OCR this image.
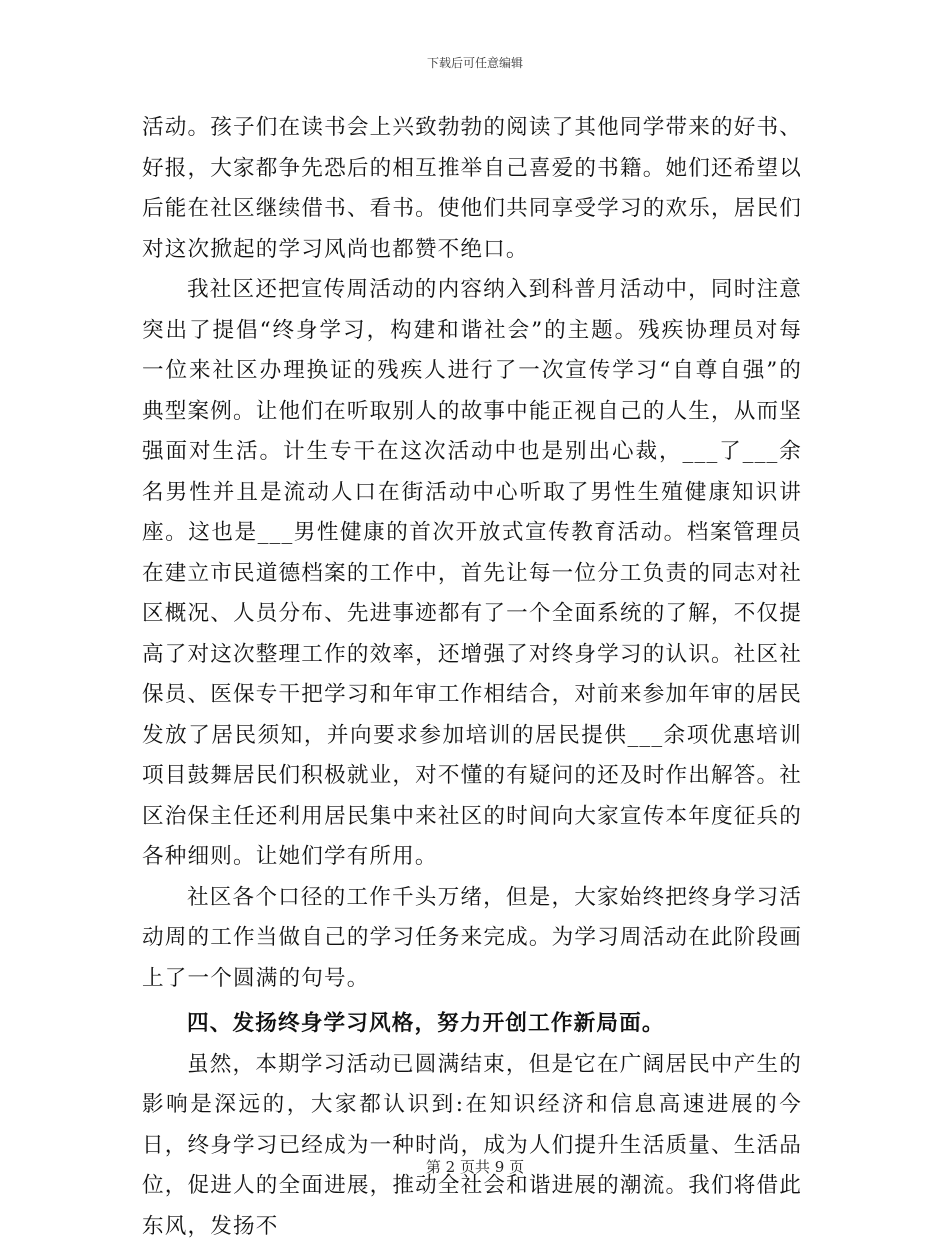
下载后可任意编辑

活动。孩子们在读书会上兴致勃勃的阅读了其他同学带来的好书、好报，大家都争先恐后的相互推举自己喜爱的书籍。她们还希望以后能在社区继续借书、看书。使他们共同享受学习的欢乐，居民们对这次掀起的学习风尚也都赞不绝口。

我社区还把宣传周活动的内容纳入到科普月活动中，同时注意突出了提倡“终身学习，构建和谐社会”的主题。残疾协理员对每一位来社区办理换证的残疾人进行了一次宣传学习“自尊自强”的典型案例。让他们在听取别人的故事中能正视自己的人生，从而坚强面对生活。计生专干在这次活动中也是别出心裁，___了___余名男性并且是流动人口在街活动中心听取了男性生殖健康知识讲座。这也是___男性健康的首次开放式宣传教育活动。档案管理员在建立市民道德档案的工作中，首先让每一位分工负责的同志对社区概况、人员分布、先进事迹都有了一个全面系统的了解，不仅提高了对这次整理工作的效率，还增强了对终身学习的认识。社区社保员、医保专干把学习和年审工作相结合，对前来参加年审的居民发放了居民须知，并向要求参加培训的居民提供___余项优惠培训项目鼓舞居民们积极就业，对不懂的有疑问的还及时作出解答。社区治保主任还利用居民集中来社区的时间向大家宣传本年度征兵的各种细则。让她们学有所用。

社区各个口径的工作千头万绪，但是，大家始终把终身学习活动周的工作当做自己的学习任务来完成。为学习周活动在此阶段画上了一个圆满的句号。

四、发扬终身学习风格，努力开创工作新局面。

虽然，本期学习活动已圆满结束，但是它在广阔居民中产生的影响是深远的，大家都认识到:在知识经济和信息高速进展的今日，终身学习已经成为一种时尚，成为人们提升生活质量、生活品位，促进人的全面进展，推动全社会和谐进展的潮流。我们将借此东风，发扬不

第 2 页共 9 页
